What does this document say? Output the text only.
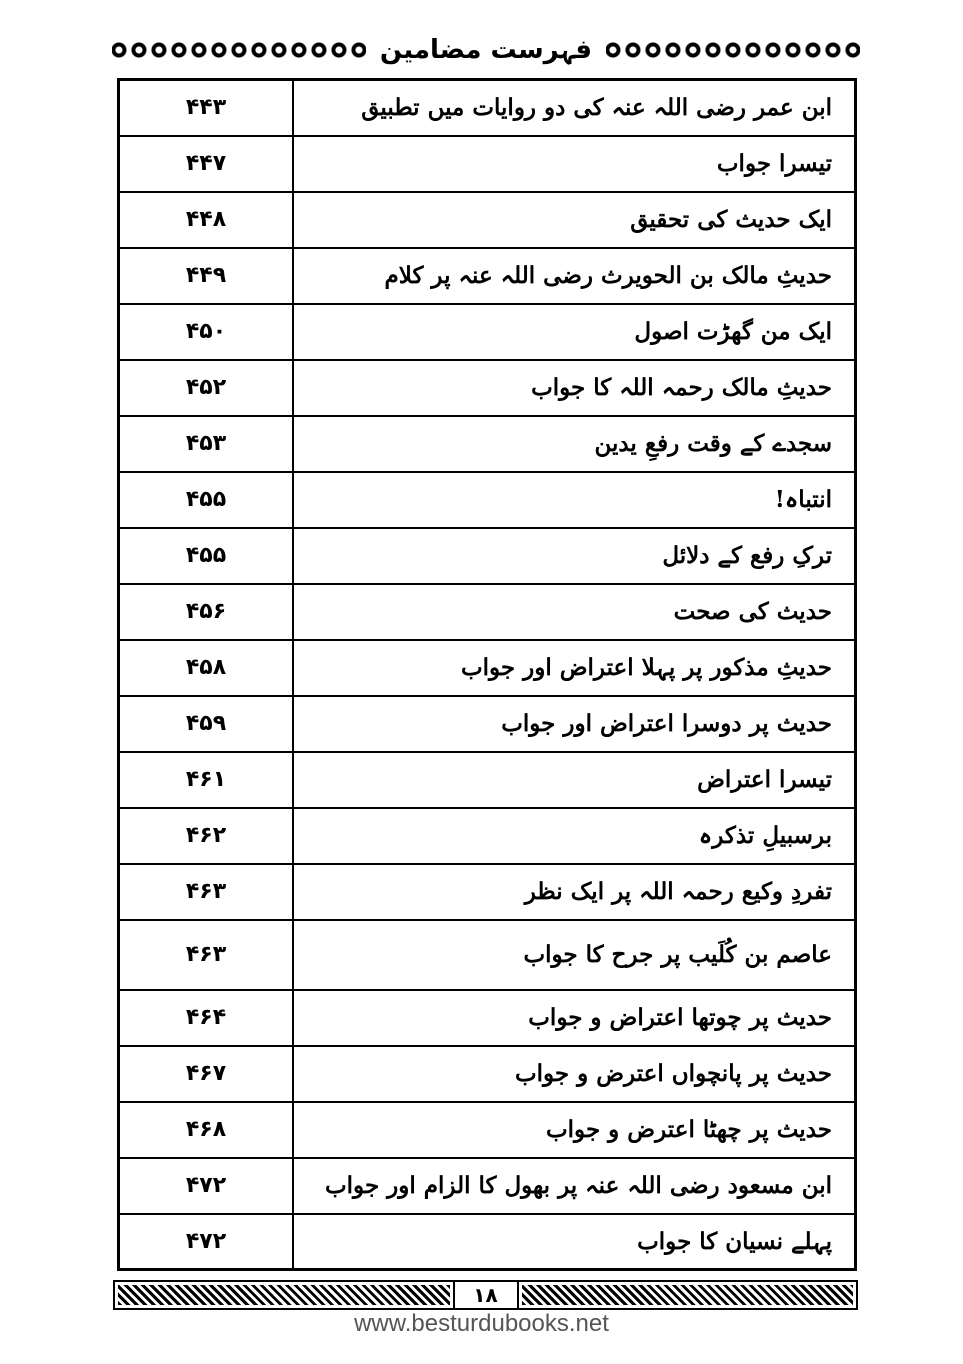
فہرست مضامین
۴۴۳	ابن عمر رضی اللہ عنہ کی دو روایات میں تطبیق
۴۴۷	تیسرا جواب
۴۴۸	ایک حدیث کی تحقیق
۴۴۹	حدیثِ مالک بن الحویرث رضی اللہ عنہ پر کلام
۴۵۰	ایک من گھڑت اصول
۴۵۲	حدیثِ مالک رحمہ اللہ کا جواب
۴۵۳	سجدے کے وقت رفعِ یدین
۴۵۵	انتباہ!
۴۵۵	ترکِ رفع کے دلائل
۴۵۶	حدیث کی صحت
۴۵۸	حدیثِ مذکور پر پہلا اعتراض اور جواب
۴۵۹	حدیث پر دوسرا اعتراض اور جواب
۴۶۱	تیسرا اعتراض
۴۶۲	برسبیلِ تذکرہ
۴۶۳	تفردِ وکیع رحمہ اللہ پر ایک نظر
۴۶۳	عاصم بن کُلَیب پر جرح کا جواب
۴۶۴	حدیث پر چوتھا اعتراض و جواب
۴۶۷	حدیث پر پانچواں اعترض و جواب
۴۶۸	حدیث پر چھٹا اعترض و جواب
۴۷۲	ابن مسعود رضی اللہ عنہ پر بھول کا الزام اور جواب
۴۷۲	پہلے نسیان کا جواب
۱۸
www.besturdubooks.net
